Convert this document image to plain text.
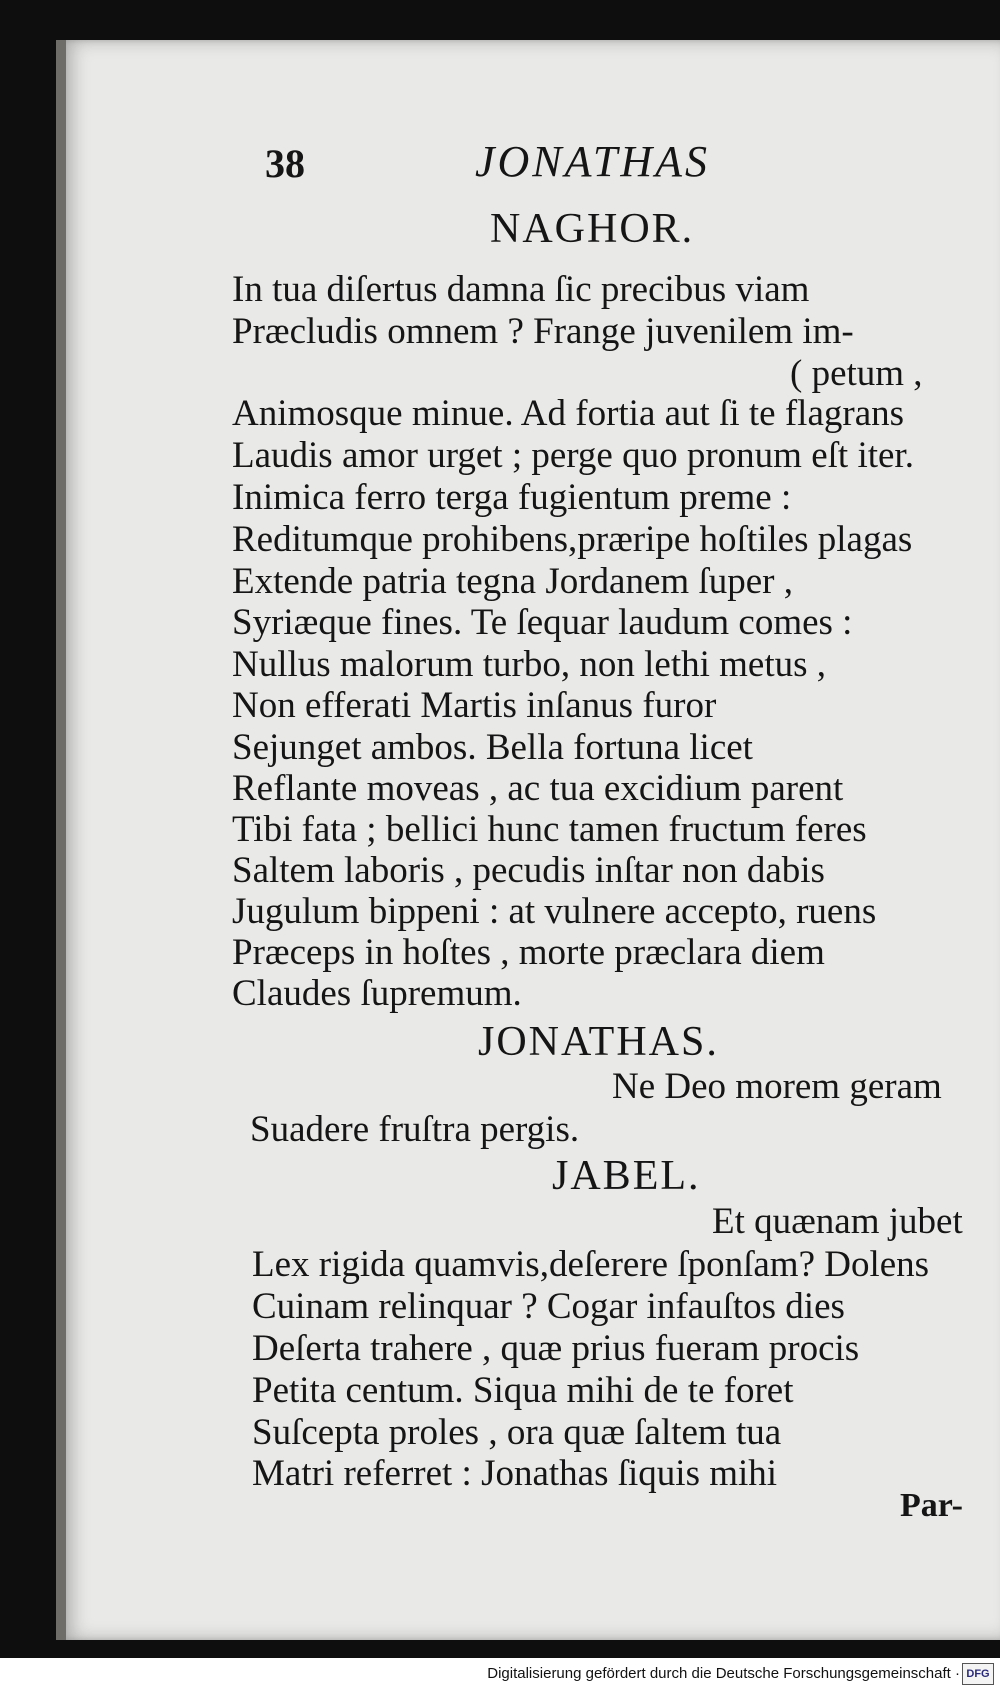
38	JONATHAS
NAGHOR.
In tua diſertus damna ſic precibus viam
Præcludis omnem ? Frange juvenilem im-
( petum ,
Animosque minue. Ad fortia aut ſi te flagrans
Laudis amor urget ; perge quo pronum eſt iter.
Inimica ferro terga fugientum preme :
Reditumque prohibens,præripe hoſtiles plagas
Extende patria tegna Jordanem ſuper ,
Syriæque fines. Te ſequar laudum comes :
Nullus malorum turbo, non lethi metus ,
Non efferati Martis inſanus furor
Sejunget ambos. Bella fortuna licet
Reflante moveas , ac tua excidium parent
Tibi fata ; bellici hunc tamen fructum feres
Saltem laboris , pecudis inſtar non dabis
Jugulum bippeni : at vulnere accepto, ruens
Præceps in hoſtes , morte præclara diem
Claudes ſupremum.
JONATHAS.
Ne Deo morem geram
Suadere fruſtra pergis.
JABEL.
Et quænam jubet
Lex rigida quamvis,deſerere ſponſam? Dolens
Cuinam relinquar ? Cogar infauſtos dies
Deſerta trahere , quæ prius fueram procis
Petita centum. Siqua mihi de te foret
Suſcepta proles , ora quæ ſaltem tua
Matri referret : Jonathas ſiquis mihi
Par-
Digitalisierung gefördert durch die Deutsche Forschungsgemeinschaft · DFG
